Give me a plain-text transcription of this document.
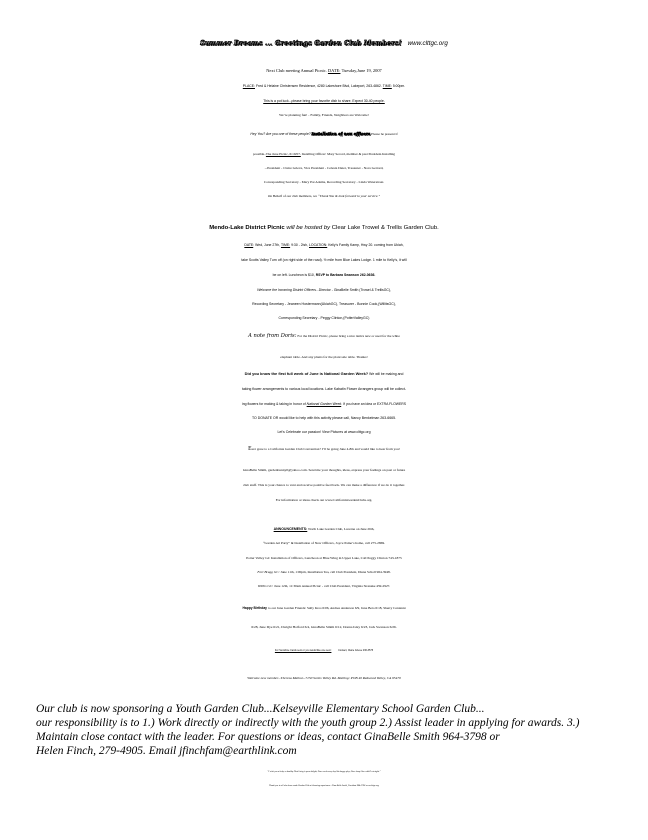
Summer Dreams ... Greetings Garden Club Members! www.clttgc.org
Next Club meeting Annual Picnic. DATE: Tuesday,June 19, 2007
PLACE: Fred & Helaine Christensen Residence, 4280 Lakeshore Blvd, Lakeport, 263-4862. TIME: 5:00pm.
This is a pot luck...please bring your favorite dish to share. Expect 30-40 people.
We’re planning fun! - Family, Friends, Neighbors are Welcome!
Hey You? Are you one of these people? Installation of new officers Please be present if
possible..The June Picnic, 6/19/07. Installing Officer: Mary Secord, member & past President.Installing
...President - Claire Grieve, Vice President - Celesta Deter, Treasurer - Nora Gerrard,
Corresponding Secretary - Mary Pat Adams, Recording Secretary - Linda Waterstraat.
On Behalf of our club members, we “Thank You & look forward to your service.”
Mendo-Lake District Picnic will be hosted by Clear Lake Trowel & Trellis Garden Club.
DATE: Wed, June 27th, TIME: 9:30 - 2ish, LOCATION: Kelly’s Family Kamp, Hwy 20. coming from Ukiah,
take Scotts Valley Turn off (on right side of the road). ½ mile from Blue Lakes Lodge. 1 mile to Kelly’s, it will
be on left. Luncheon is $10, RSVP to Barbara Swanson 262-0636.
Welcome the Incoming District Officers...Director - GinaBelle Smith (Trowel & TrellisGC),
Recording Secretary - Jeaneen Hostermann(UkiahGC), Treasurer - Bonnie Cook,(WillitsGC),
Corresponding Secretary - Peggy Clinton,(PotterValleyGC)
A note from Doris: For the District Picnic, please bring a nice item/s new or used for the white
elephant table. And any plants for the plant sale table. Thanks!
Did you know the first full week of June is National Garden Week? We will be making and
taking flower arrangements to various local locations. Lake Kabatin Flower Arrangers group will be collect-
ing flowers for making & taking in honor of National Garden Week. If you have an idea or EXTRA FLOWERS
TO DONATE OR would like to help with this activity please call, Nancy Benkelman 263-6665.
Let’s Celebrate our passion! View Pictures at www.clttgc.org
Ever gone to a California Garden Club Convention? I’ll be going June 4-8th and would like to hear from you!
GinaBelle Smith, gardenbunny0@yahoo.com. Send me your thoughts, ideas, express your feelings on past or future
club stuff. This is your chance to vent and receive positive feed back. We can make a difference if we do it together.
For information or ideas check out www.CaliforniaGardenClubs.org.
ANNOUNCEMENTS: North Lake Garden Club, Lucerne on June 26th,
“Garden Art Party” & Installation of New Officers, Joyce Paine’s home, call 275-2869.
Potter Valley GC Installation of Officers, Luncheon at Blue Wing in Upper Lake, Call Peggy Clinton 743-1875
Fort Bragg GC: June 11th, 1:00pm, Installation Tea, call Club President, Diana Scholl 964-3948.
Willits GC: June 12th, 11:30am Annual Picnic - call Club President, Virginia Stranske 459-2927.
Happy Birthday to our June Garden Friends: Sally Kros 6/06, Andrea Anderson 6/9, June Beto 6/18, Sherry Centanni
6/28, June Dye 6/21, Dwight Holford 6/4, GinaBelle Smith 6/12, Donna Isley 6/23, Jack Swanson 6/26.
For Sunshine Cards sent or you would like one sent:	Contact, Claire Grieve 236-3575
Welcome new member...Theresa Mathur...7150 Scotts Valley Rd. Mailing: POB 40 Redwood Valley, CA 95470
Our club is now sponsoring a Youth Garden Club...Kelseyville Elementary School Garden Club...
our responsibility is to 1.) Work directly or indirectly with the youth group 2.) Assist leader in applying for awards. 3.)
Maintain close contact with the leader. For questions or ideas, contact GinaBelle Smith 964-3798 or
Helen Finch, 279-4905. Email jfinchfam@earthlink.com
“I wish you a body so healthy That living is pure delight; Your work every day like happy play; Your sleep like a child’s at night.”
Thank you to all who have made Garden Club a blooming experience - Gina-Belle Smith, President 964-3798 www.clttgc.org
